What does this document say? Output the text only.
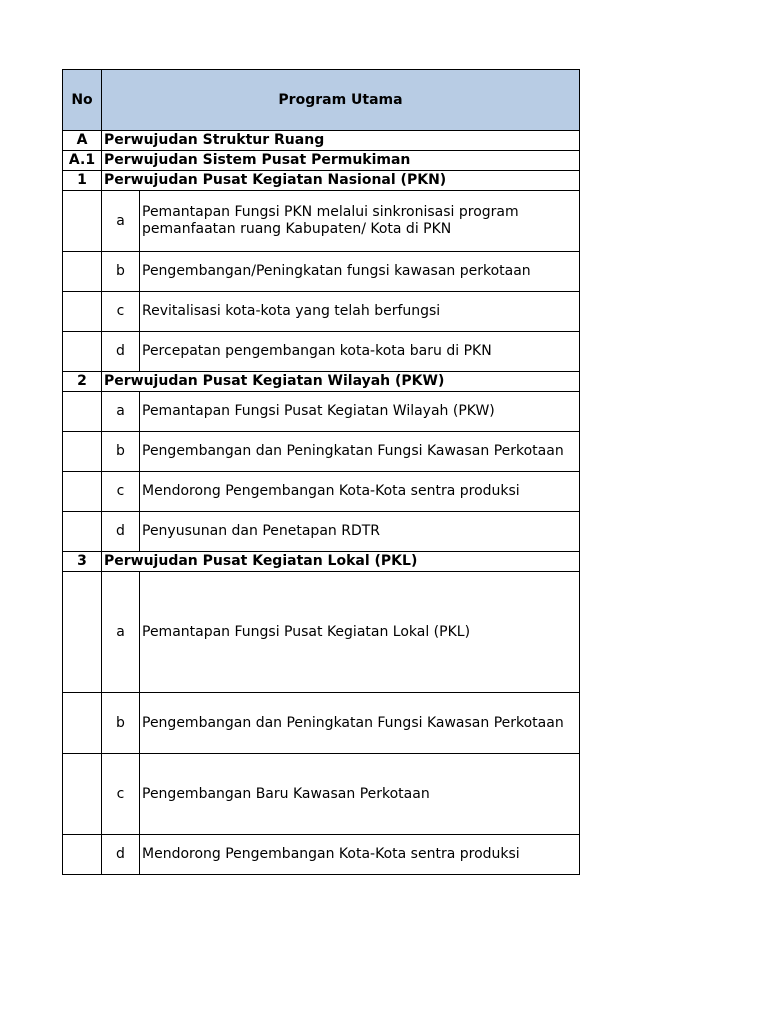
No	Program Utama	
A	Perwujudan Struktur Ruang	
A.1	Perwujudan Sistem Pusat Permukiman	
1	Perwujudan Pusat Kegiatan Nasional (PKN)	
	a	Pemantapan Fungsi PKN melalui sinkronisasi program pemanfaatan ruang Kabupaten/ Kota di PKN
	b	Pengembangan/Peningkatan fungsi kawasan perkotaan
	c	Revitalisasi kota-kota yang telah berfungsi
	d	Percepatan pengembangan kota-kota baru di PKN
2	Perwujudan Pusat Kegiatan Wilayah (PKW)	
	a	Pemantapan Fungsi Pusat Kegiatan Wilayah (PKW)
	b	Pengembangan dan Peningkatan Fungsi Kawasan Perkotaan
	c	Mendorong Pengembangan Kota-Kota sentra produksi
	d	Penyusunan dan Penetapan RDTR
3	Perwujudan Pusat Kegiatan Lokal (PKL)	
	a	Pemantapan Fungsi Pusat Kegiatan Lokal (PKL)
	b	Pengembangan dan Peningkatan Fungsi Kawasan Perkotaan
	c	Pengembangan Baru Kawasan Perkotaan
	d	Mendorong Pengembangan Kota-Kota sentra produksi
